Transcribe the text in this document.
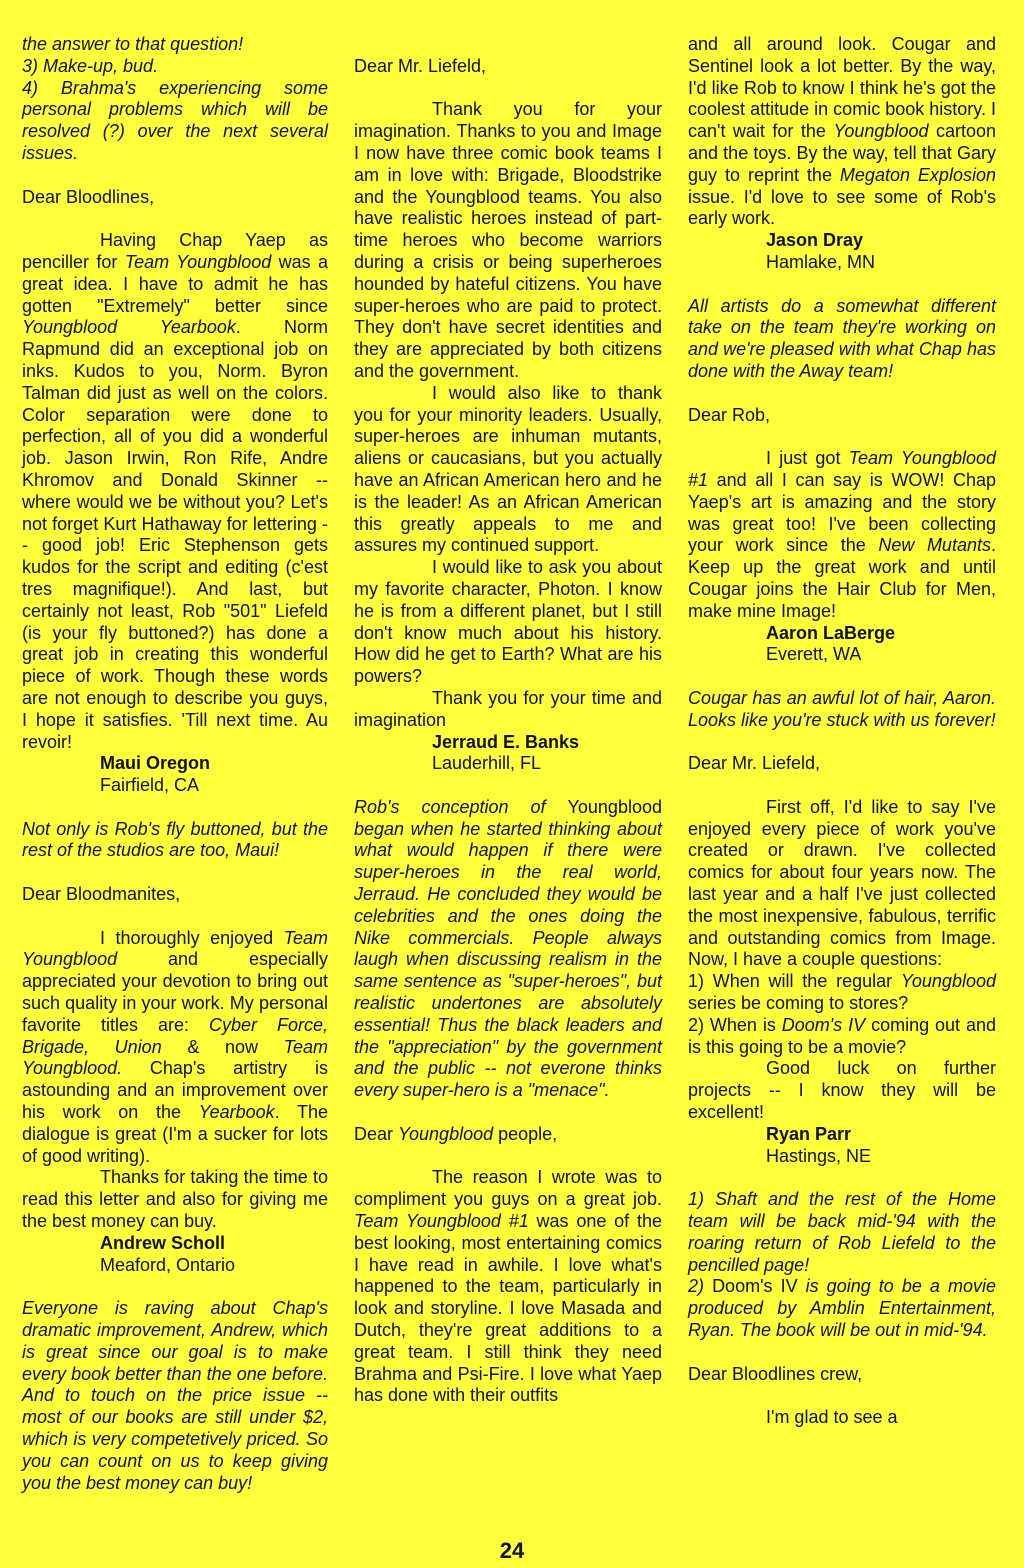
the answer to that question!

3) Make-up, bud.

4) Brahma's experiencing some personal problems which will be resolved (?) over the next several issues.

Dear Bloodlines,

Having Chap Yaep as penciller for Team Youngblood was a great idea. I have to admit he has gotten "Extremely" better since Youngblood Yearbook. Norm Rapmund did an exceptional job on inks. Kudos to you, Norm. Byron Talman did just as well on the colors. Color separation were done to perfection, all of you did a wonderful job. Jason Irwin, Ron Rife, Andre Khromov and Donald Skinner -- where would we be without you? Let's not forget Kurt Hathaway for lettering -- good job! Eric Stephenson gets kudos for the script and editing (c'est tres magnifique!). And last, but certainly not least, Rob "501" Liefeld (is your fly buttoned?) has done a great job in creating this wonderful piece of work. Though these words are not enough to describe you guys, I hope it satisfies. 'Till next time. Au revoir!

Maui Oregon
Fairfield, CA

Not only is Rob's fly buttoned, but the rest of the studios are too, Maui!

Dear Bloodmanites,

I thoroughly enjoyed Team Youngblood and especially appreciated your devotion to bring out such quality in your work. My personal favorite titles are: Cyber Force, Brigade, Union & now Team Youngblood. Chap's artistry is astounding and an improvement over his work on the Yearbook. The dialogue is great (I'm a sucker for lots of good writing).

Thanks for taking the time to read this letter and also for giving me the best money can buy.

Andrew Scholl
Meaford, Ontario

Everyone is raving about Chap's dramatic improvement, Andrew, which is great since our goal is to make every book better than the one before. And to touch on the price issue -- most of our books are still under $2, which is very competetively priced. So you can count on us to keep giving you the best money can buy!

Dear Mr. Liefeld,

Thank you for your imagination. Thanks to you and Image I now have three comic book teams I am in love with: Brigade, Bloodstrike and the Youngblood teams. You also have realistic heroes instead of part-time heroes who become warriors during a crisis or being superheroes hounded by hateful citizens. You have super-heroes who are paid to protect. They don't have secret identities and they are appreciated by both citizens and the government.

I would also like to thank you for your minority leaders. Usually, super-heroes are inhuman mutants, aliens or caucasians, but you actually have an African American hero and he is the leader! As an African American this greatly appeals to me and assures my continued support.

I would like to ask you about my favorite character, Photon. I know he is from a different planet, but I still don't know much about his history. How did he get to Earth? What are his powers?

Thank you for your time and imagination

Jerraud E. Banks
Lauderhill, FL

Rob's conception of Youngblood began when he started thinking about what would happen if there were super-heroes in the real world, Jerraud. He concluded they would be celebrities and the ones doing the Nike commercials. People always laugh when discussing realism in the same sentence as "super-heroes", but realistic undertones are absolutely essential! Thus the black leaders and the "appreciation" by the government and the public -- not everone thinks every super-hero is a "menace".

Dear Youngblood people,

The reason I wrote was to compliment you guys on a great job. Team Youngblood #1 was one of the best looking, most entertaining comics I have read in awhile. I love what's happened to the team, particularly in look and storyline. I love Masada and Dutch, they're great additions to a great team. I still think they need Brahma and Psi-Fire. I love what Yaep has done with their outfits

and all around look. Cougar and Sentinel look a lot better. By the way, I'd like Rob to know I think he's got the coolest attitude in comic book history. I can't wait for the Youngblood cartoon and the toys. By the way, tell that Gary guy to reprint the Megaton Explosion issue. I'd love to see some of Rob's early work.

Jason Dray
Hamlake, MN

All artists do a somewhat different take on the team they're working on and we're pleased with what Chap has done with the Away team!

Dear Rob,

I just got Team Youngblood #1 and all I can say is WOW! Chap Yaep's art is amazing and the story was great too! I've been collecting your work since the New Mutants. Keep up the great work and until Cougar joins the Hair Club for Men, make mine Image!

Aaron LaBerge
Everett, WA

Cougar has an awful lot of hair, Aaron. Looks like you're stuck with us forever!

Dear Mr. Liefeld,

First off, I'd like to say I've enjoyed every piece of work you've created or drawn. I've collected comics for about four years now. The last year and a half I've just collected the most inexpensive, fabulous, terrific and outstanding comics from Image. Now, I have a couple questions:

1) When will the regular Youngblood series be coming to stores?

2) When is Doom's IV coming out and is this going to be a movie?

Good luck on further projects -- I know they will be excellent!

Ryan Parr
Hastings, NE

1) Shaft and the rest of the Home team will be back mid-'94 with the roaring return of Rob Liefeld to the pencilled page!

2) Doom's IV is going to be a movie produced by Amblin Entertainment, Ryan. The book will be out in mid-'94.

Dear Bloodlines crew,

I'm glad to see a

24
